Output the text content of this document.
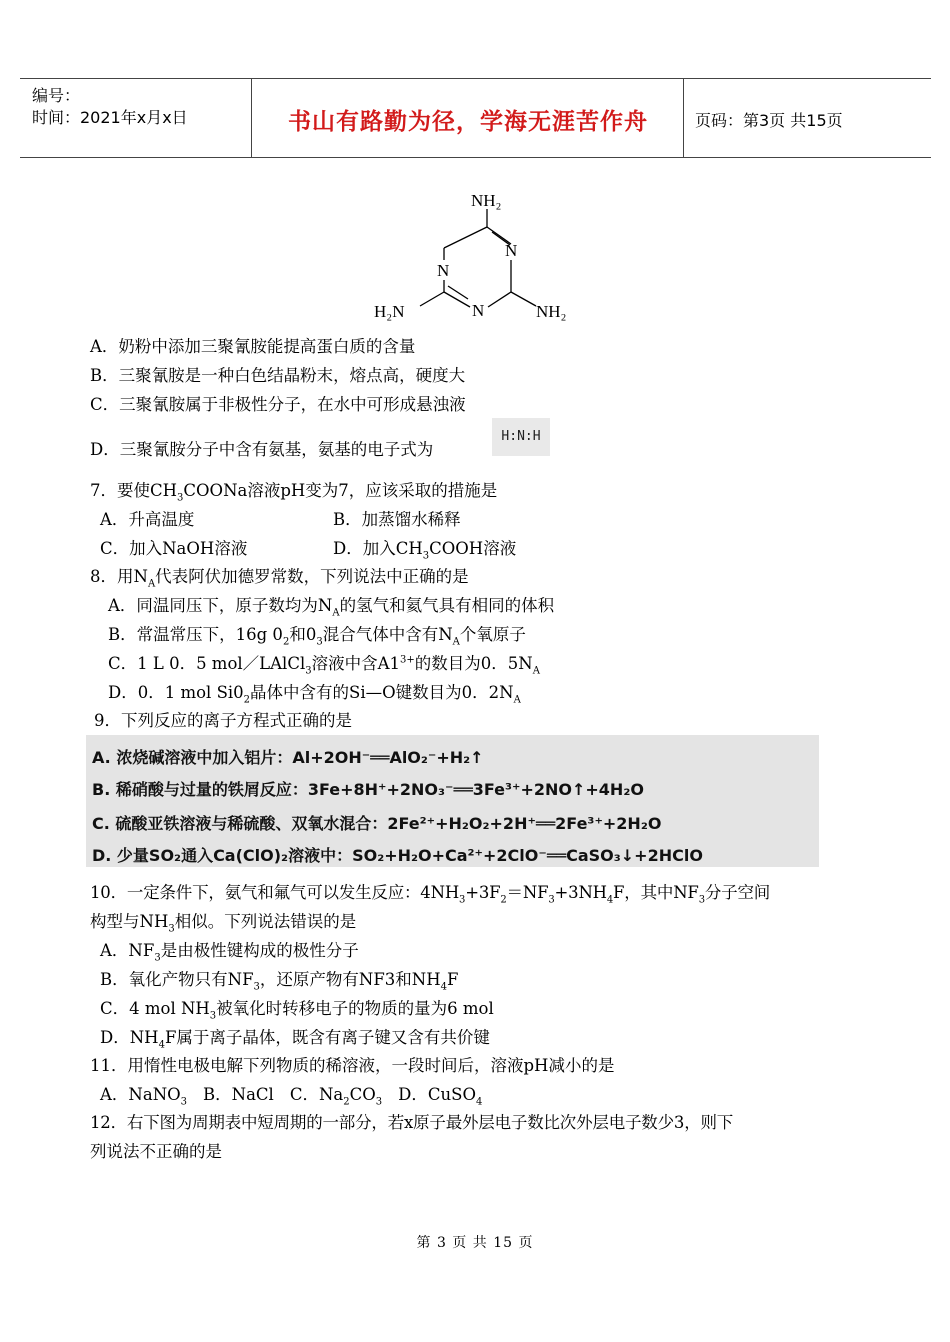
编号：
时间：2021年x月x日	书山有路勤为径，学海无涯苦作舟	页码：第3页 共15页
NH₂
N
N
N
H₂N	NH₂
A．奶粉中添加三聚氰胺能提高蛋白质的含量
B．三聚氰胺是一种白色结晶粉末，熔点高，硬度大
C．三聚氰胺属于非极性分子，在水中可形成悬浊液
D．三聚氰胺分子中含有氨基，氨基的电子式为
H:N:H
7．要使$CH_3COONa$溶液pH变为7，应该采取的措施是
A．升高温度	B．加蒸馏水稀释
C．加入NaOH溶液	D．加入$CH_3COOH$溶液
8．用$N_A$代表阿伏加德罗常数，下列说法中正确的是
A．同温同压下，原子数均为$N_A$的氢气和氦气具有相同的体积
B．常温常压下，16g $0_2$和$0_3$混合气体中含有$N_A$个氧原子
C．1 L 0．5 mol／LAlCl$_3$溶液中含$A1^{3+}$的数目为0．$5N_A$
D．0．1 mol $Si0_2$晶体中含有的Si—O键数目为0．$2N_A$
9．下列反应的离子方程式正确的是
A. 浓烧碱溶液中加入铝片：Al+2OH⁻══AlO₂⁻+H₂↑
B. 稀硝酸与过量的铁屑反应：3Fe+8H⁺+2NO₃⁻══3Fe³⁺+2NO↑+4H₂O
C. 硫酸亚铁溶液与稀硫酸、双氧水混合：2Fe²⁺+H₂O₂+2H⁺══2Fe³⁺+2H₂O
D. 少量SO₂通入Ca(ClO)₂溶液中：SO₂+H₂O+Ca²⁺+2ClO⁻══CaSO₃↓+2HClO
10．一定条件下，氨气和氟气可以发生反应：$4NH_3+3F_2=NF_3+3NH_4F$，其中$NF_3$分子空间
构型与$NH_3$相似。下列说法错误的是
A．$NF_3$是由极性键构成的极性分子
B．氧化产物只有$NF_3$，还原产物有NF3和$NH_4F$
C．4 mol $NH_3$被氧化时转移电子的物质的量为6 mol
D．$NH_4F$属于离子晶体，既含有离子键又含有共价键
11．用惰性电极电解下列物质的稀溶液，一段时间后，溶液pH减小的是
A．NaNO$_3$ B．NaCl C．$Na_2CO_3$ D．CuSO$_4$
12．右下图为周期表中短周期的一部分，若x原子最外层电子数比次外层电子数少3，则下
列说法不正确的是
第 3 页 共 15 页
